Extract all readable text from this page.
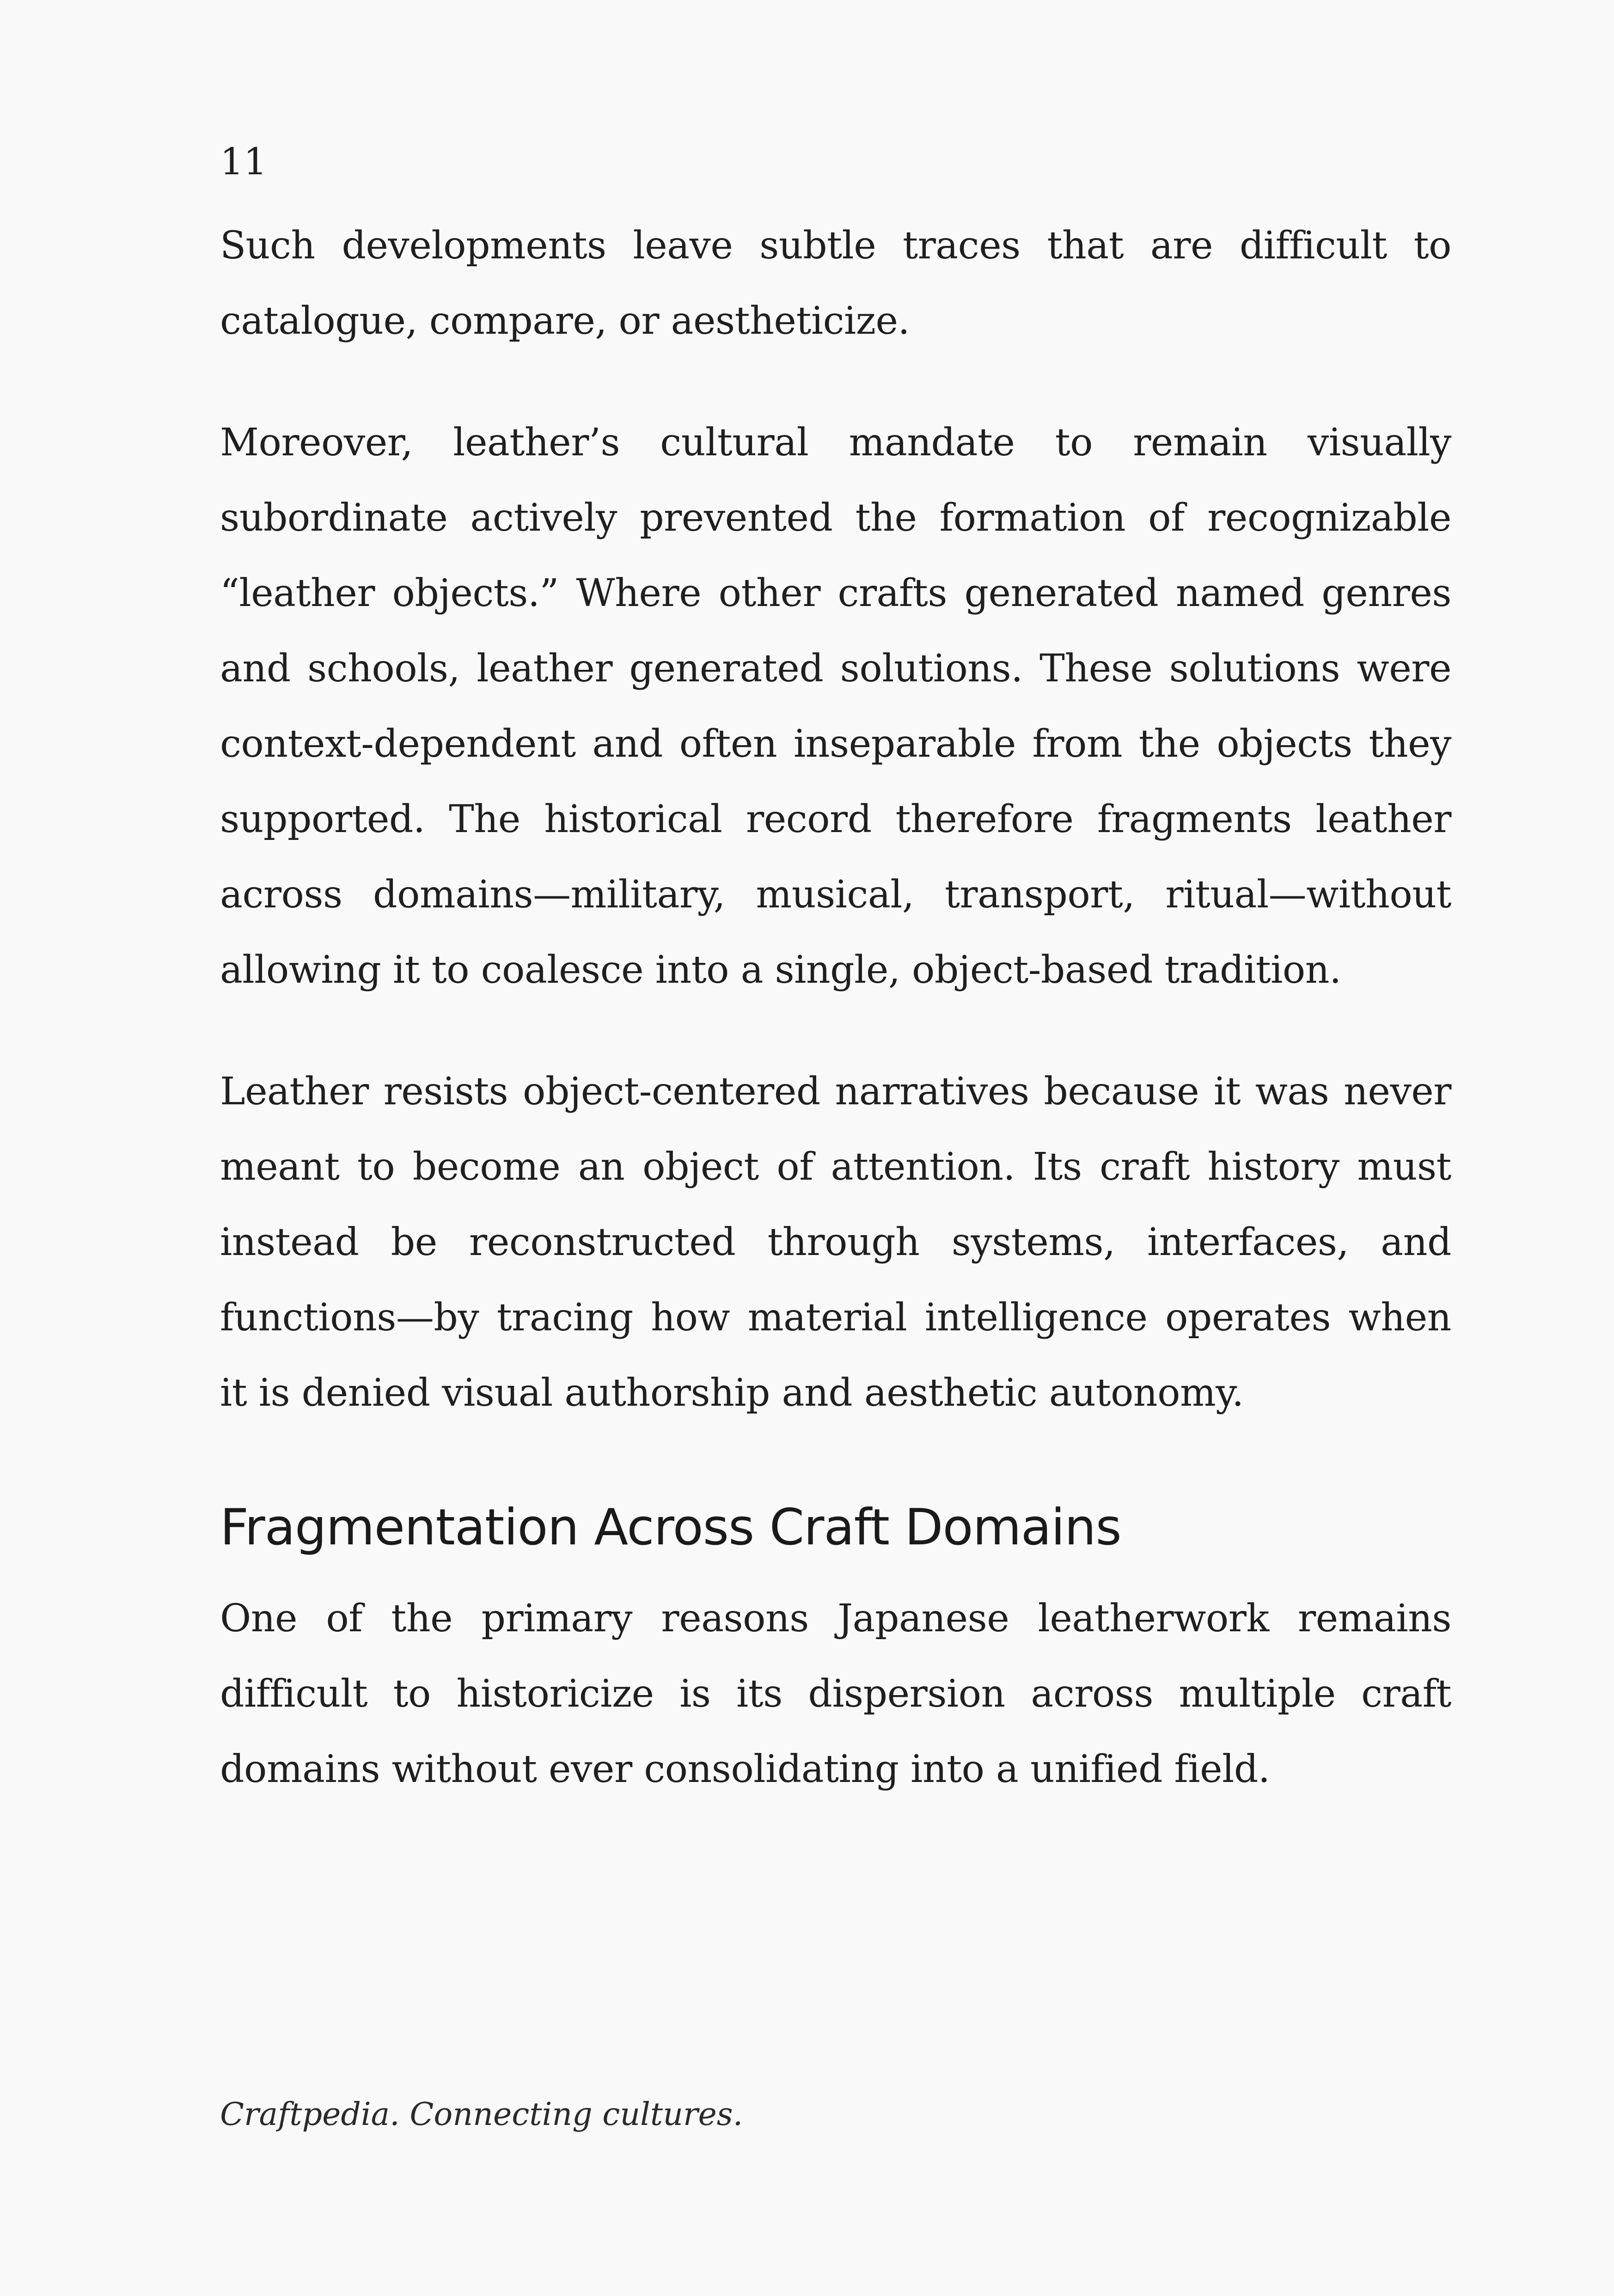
11

Such developments leave subtle traces that are difficult to catalogue, compare, or aestheticize.

Moreover, leather’s cultural mandate to remain visually subordinate actively prevented the formation of recognizable “leather objects.” Where other crafts generated named genres and schools, leather generated solutions. These solutions were context-dependent and often inseparable from the objects they supported. The historical record therefore fragments leather across domains—military, musical, transport, ritual—without allowing it to coalesce into a single, object-based tradition.

Leather resists object-centered narratives because it was never meant to become an object of attention. Its craft history must instead be reconstructed through systems, interfaces, and functions—by tracing how material intelligence operates when it is denied visual authorship and aesthetic autonomy.

Fragmentation Across Craft Domains

One of the primary reasons Japanese leatherwork remains difficult to historicize is its dispersion across multiple craft domains without ever consolidating into a unified field.

Craftpedia. Connecting cultures.
